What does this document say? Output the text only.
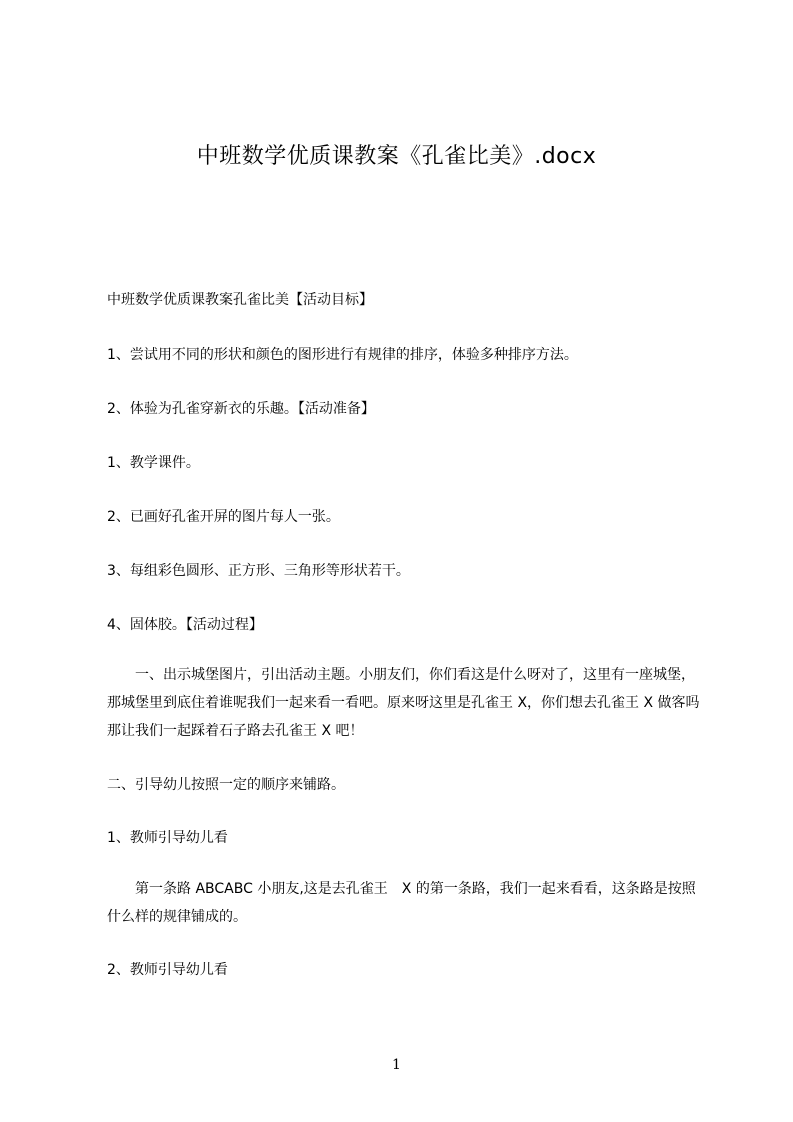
中班数学优质课教案《孔雀比美》.docx
中班数学优质课教案孔雀比美【活动目标】
1、尝试用不同的形状和颜色的图形进行有规律的排序，体验多种排序方法。
2、体验为孔雀穿新衣的乐趣。【活动准备】
1、教学课件。
2、已画好孔雀开屏的图片每人一张。
3、每组彩色圆形、正方形、三角形等形状若干。
4、固体胶。【活动过程】
一、出示城堡图片，引出活动主题。小朋友们，你们看这是什么呀对了，这里有一座城堡，那城堡里到底住着谁呢我们一起来看一看吧。原来呀这里是孔雀王 X，你们想去孔雀王 X 做客吗那让我们一起踩着石子路去孔雀王 X 吧！
二、引导幼儿按照一定的顺序来铺路。
1、教师引导幼儿看
第一条路 ABCABC 小朋友,这是去孔雀王　X 的第一条路，我们一起来看看，这条路是按照什么样的规律铺成的。
2、教师引导幼儿看
1
